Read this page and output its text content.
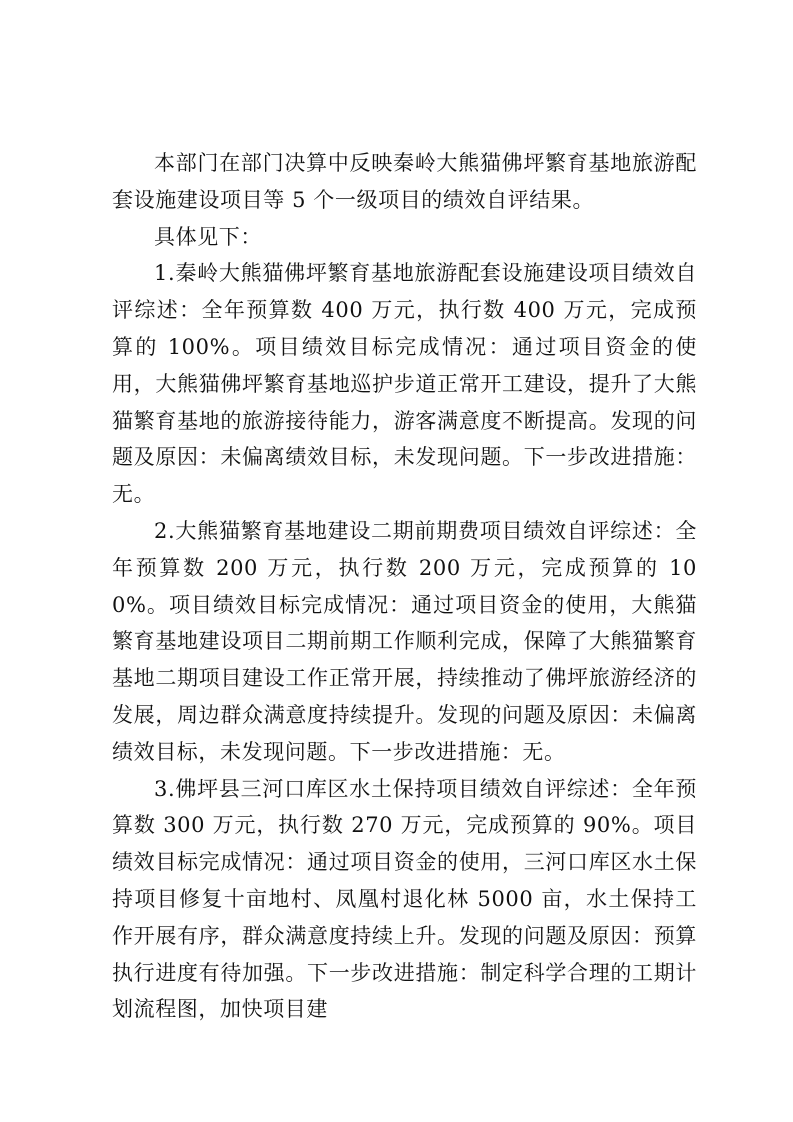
本部门在部门决算中反映秦岭大熊猫佛坪繁育基地旅游配套设施建设项目等 5 个一级项目的绩效自评结果。

具体见下：

1.秦岭大熊猫佛坪繁育基地旅游配套设施建设项目绩效自评综述：全年预算数 400 万元，执行数 400 万元，完成预算的 100%。项目绩效目标完成情况：通过项目资金的使用，大熊猫佛坪繁育基地巡护步道正常开工建设，提升了大熊猫繁育基地的旅游接待能力，游客满意度不断提高。发现的问题及原因：未偏离绩效目标，未发现问题。下一步改进措施：无。

2.大熊猫繁育基地建设二期前期费项目绩效自评综述：全年预算数 200 万元，执行数 200 万元，完成预算的 100%。项目绩效目标完成情况：通过项目资金的使用，大熊猫繁育基地建设项目二期前期工作顺利完成，保障了大熊猫繁育基地二期项目建设工作正常开展，持续推动了佛坪旅游经济的发展，周边群众满意度持续提升。发现的问题及原因：未偏离绩效目标，未发现问题。下一步改进措施：无。

3.佛坪县三河口库区水土保持项目绩效自评综述：全年预算数 300 万元，执行数 270 万元，完成预算的 90%。项目绩效目标完成情况：通过项目资金的使用，三河口库区水土保持项目修复十亩地村、凤凰村退化林 5000 亩，水土保持工作开展有序，群众满意度持续上升。发现的问题及原因：预算执行进度有待加强。下一步改进措施：制定科学合理的工期计划流程图，加快项目建
